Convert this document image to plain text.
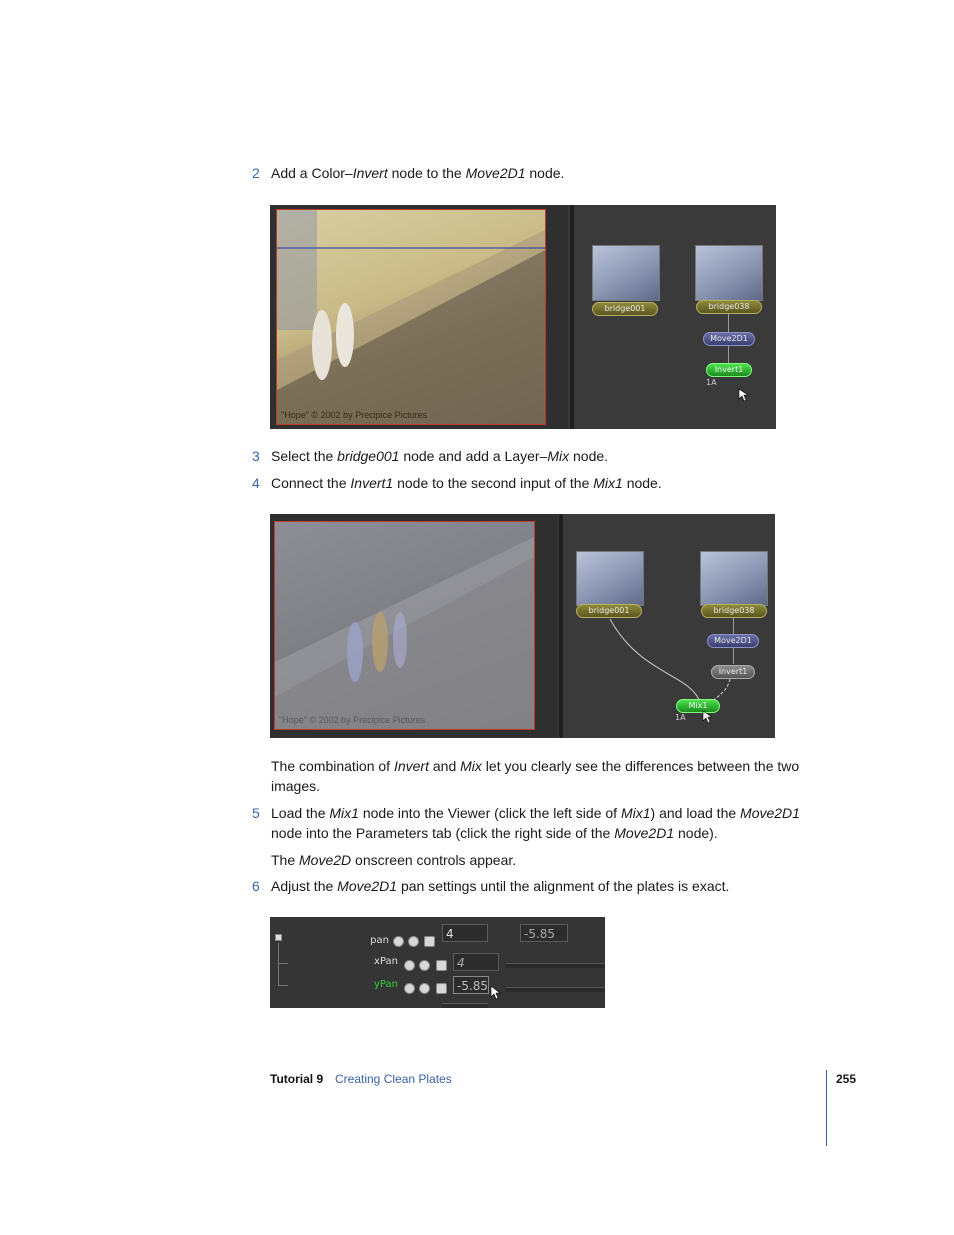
2 Add a Color–Invert node to the Move2D1 node.
"Hope" © 2002 by Precipice Pictures
bridge001	bridge038
Move2D1
Invert1
1A
3 Select the bridge001 node and add a Layer–Mix node.
4 Connect the Invert1 node to the second input of the Mix1 node.
"Hope" © 2002 by Precipice Pictures
bridge001	bridge038
Move2D1
Invert1
Mix1
1A
The combination of Invert and Mix let you clearly see the differences between the two images.
5 Load the Mix1 node into the Viewer (click the left side of Mix1) and load the Move2D1 node into the Parameters tab (click the right side of the Move2D1 node).
The Move2D onscreen controls appear.
6 Adjust the Move2D1 pan settings until the alignment of the plates is exact.
pan	4	-5.85
xPan	4
yPan	-5.85
Tutorial 9 Creating Clean Plates	255
